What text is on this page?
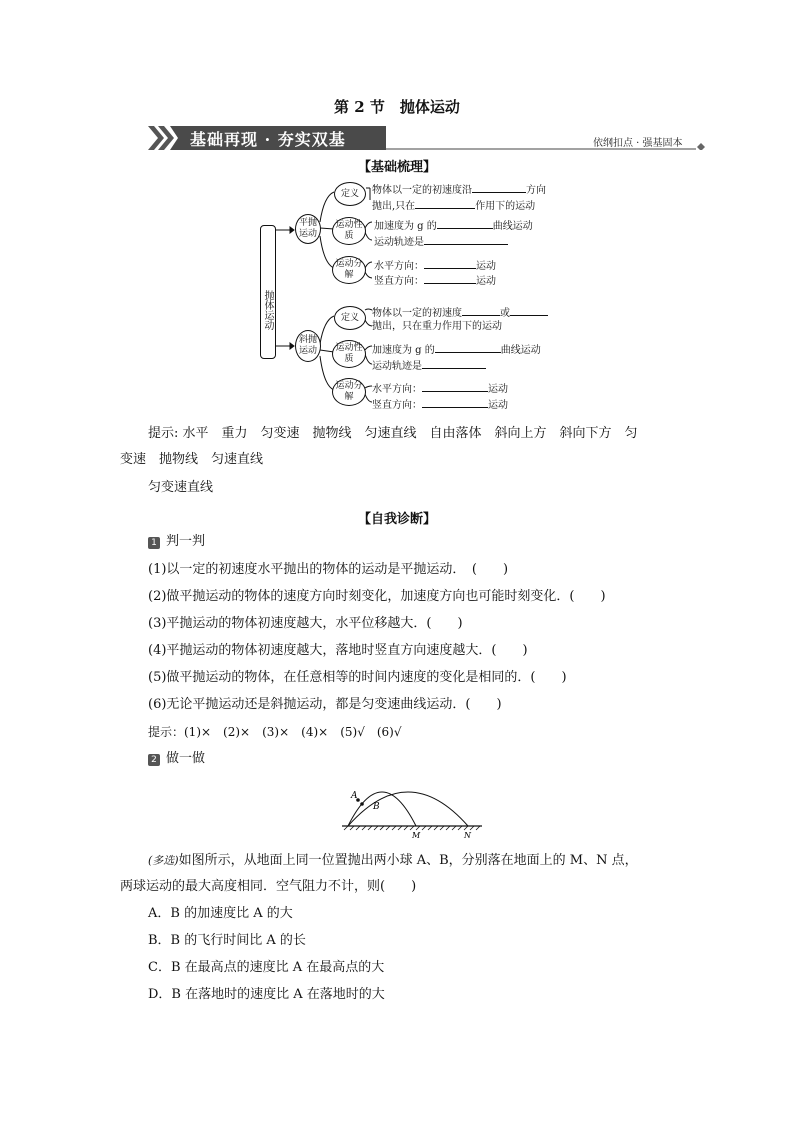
第 2 节　抛体运动
基础再现 · 夯实双基	依纲扣点 · 强基固本
【基础梳理】
抛体运动
平抛运动
定义
运动性质
运动分解
物体以一定的初速度沿	方向
抛出,只在	作用下的运动
加速度为 g 的	曲线运动
运动轨迹是
水平方向：	运动
竖直方向：	运动
斜抛运动
定义
运动性质
运动分解
物体以一定的初速度	或
抛出，只在重力作用下的运动
加速度为 g 的	曲线运动
运动轨迹是
水平方向：	运动
竖直方向：	运动
提示: 水平　重力　匀变速　抛物线　匀速直线　自由落体　斜向上方　斜向下方　匀
变速　抛物线　匀速直线
匀变速直线
【自我诊断】
1 判一判
(1)以一定的初速度水平抛出的物体的运动是平抛运动．　(　　)
(2)做平抛运动的物体的速度方向时刻变化，加速度方向也可能时刻变化．(　　)
(3)平抛运动的物体初速度越大，水平位移越大．(　　)
(4)平抛运动的物体初速度越大，落地时竖直方向速度越大．(　　)
(5)做平抛运动的物体，在任意相等的时间内速度的变化是相同的．(　　)
(6)无论平抛运动还是斜抛运动，都是匀变速曲线运动．(　　)
提示：(1)×　(2)×　(3)×　(4)×　(5)√　(6)√
2 做一做
A
B
M	N
(多选)如图所示，从地面上同一位置抛出两小球 A、B，分别落在地面上的 M、N 点，
两球运动的最大高度相同．空气阻力不计，则(　　)
A．B 的加速度比 A 的大
B．B 的飞行时间比 A 的长
C．B 在最高点的速度比 A 在最高点的大
D．B 在落地时的速度比 A 在落地时的大
